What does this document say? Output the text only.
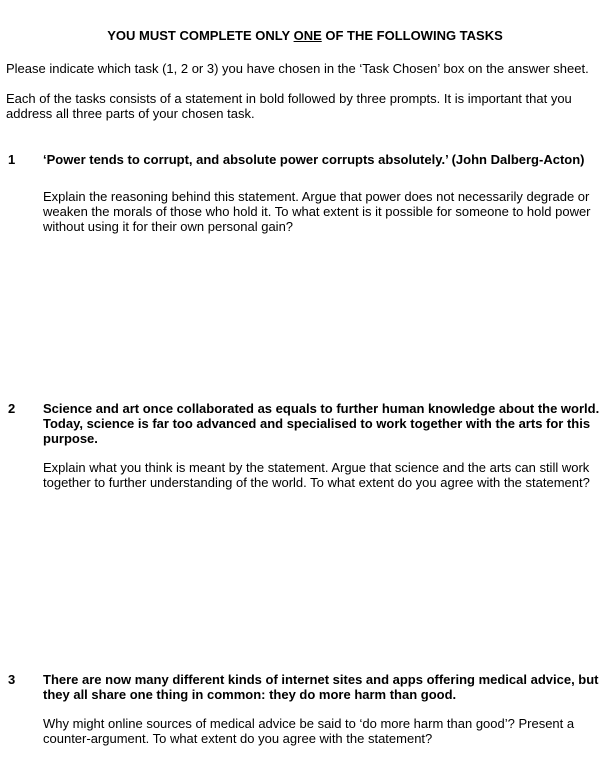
YOU MUST COMPLETE ONLY ONE OF THE FOLLOWING TASKS
Please indicate which task (1, 2 or 3) you have chosen in the ‘Task Chosen’ box on the answer sheet.
Each of the tasks consists of a statement in bold followed by three prompts. It is important that you address all three parts of your chosen task.
1 ‘Power tends to corrupt, and absolute power corrupts absolutely.’ (John Dalberg-Acton)

Explain the reasoning behind this statement. Argue that power does not necessarily degrade or weaken the morals of those who hold it. To what extent is it possible for someone to hold power without using it for their own personal gain?

2 Science and art once collaborated as equals to further human knowledge about the world. Today, science is far too advanced and specialised to work together with the arts for this purpose.

Explain what you think is meant by the statement. Argue that science and the arts can still work together to further understanding of the world. To what extent do you agree with the statement?

3 There are now many different kinds of internet sites and apps offering medical advice, but they all share one thing in common: they do more harm than good.

Why might online sources of medical advice be said to ‘do more harm than good’? Present a counter-argument. To what extent do you agree with the statement?
